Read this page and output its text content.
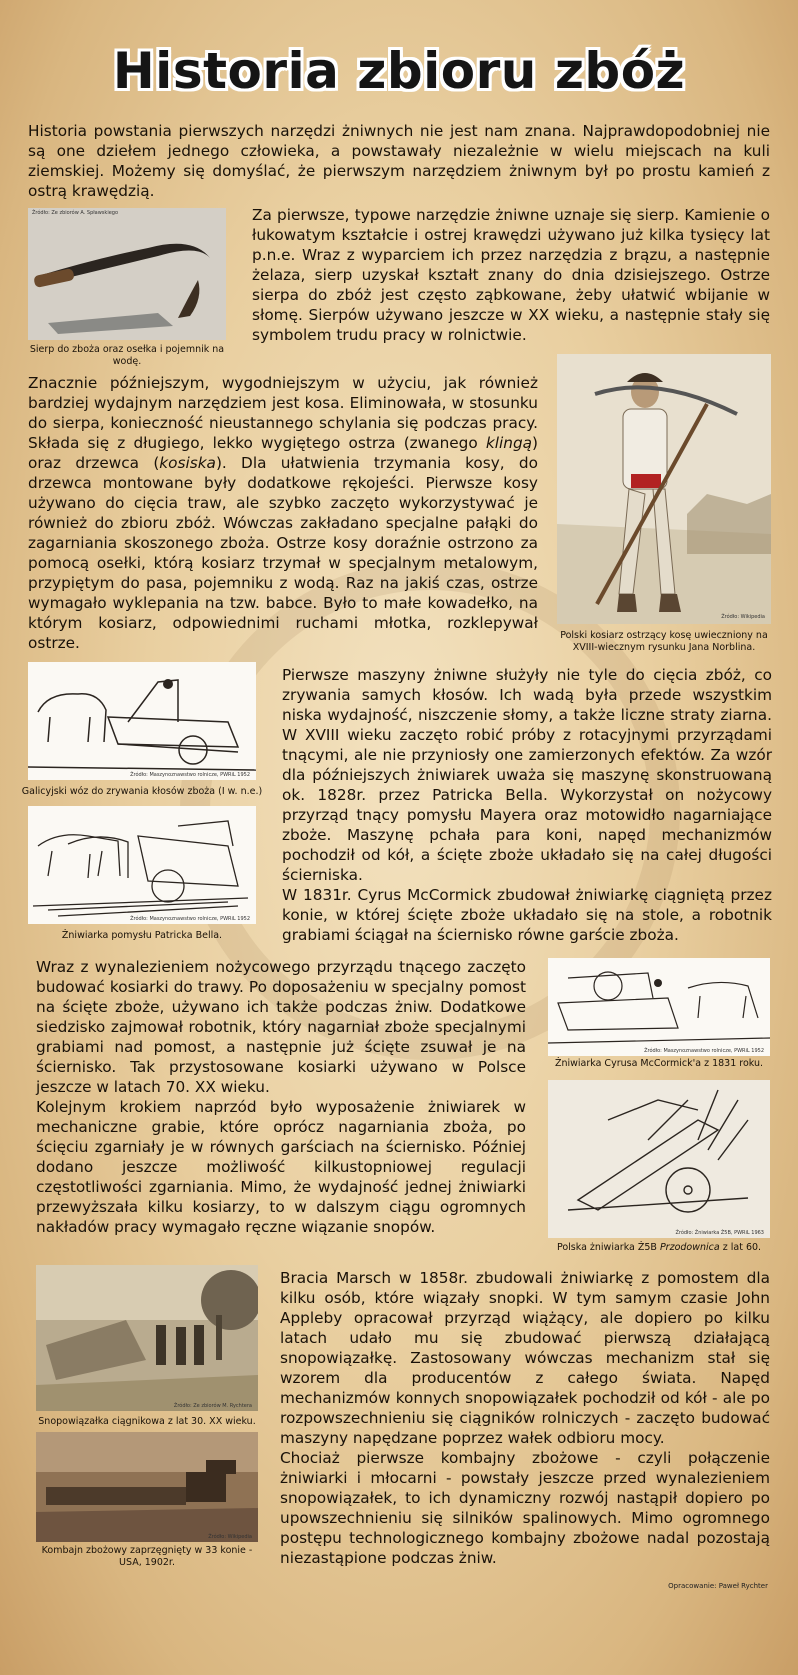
Historia zbioru zbóż

Historia powstania pierwszych narzędzi żniwnych nie jest nam znana. Najprawdopodobniej nie są one dziełem jednego człowieka, a powstawały niezależnie w wielu miejscach na kuli ziemskiej. Możemy się domyślać, że pierwszym narzędziem żniwnym był po prostu kamień z ostrą krawędzią.

Źródło: Ze zbiorów A. Spławskiego
Sierp do zboża oraz osełka i pojemnik na wodę.

Za pierwsze, typowe narzędzie żniwne uznaje się sierp. Kamienie o łukowatym kształcie i ostrej krawędzi używano już kilka tysięcy lat p.n.e. Wraz z wyparciem ich przez narzędzia z brązu, a następnie żelaza, sierp uzyskał kształt znany do dnia dzisiejszego. Ostrze sierpa do zbóż jest często ząbkowane, żeby ułatwić wbijanie w słomę. Sierpów używano jeszcze w XX wieku, a następnie stały się symbolem trudu pracy w rolnictwie.

Znacznie późniejszym, wygodniejszym w użyciu, jak również bardziej wydajnym narzędziem jest kosa. Eliminowała, w stosunku do sierpa, konieczność nieustannego schylania się podczas pracy. Składa się z długiego, lekko wygiętego ostrza (zwanego klingą) oraz drzewca (kosiska). Dla ułatwienia trzymania kosy, do drzewca montowane były dodatkowe rękojeści. Pierwsze kosy używano do cięcia traw, ale szybko zaczęto wykorzystywać je również do zbioru zbóż. Wówczas zakładano specjalne pałąki do zagarniania skoszonego zboża. Ostrze kosy doraźnie ostrzono za pomocą osełki, którą kosiarz trzymał w specjalnym metalowym, przypiętym do pasa, pojemniku z wodą. Raz na jakiś czas, ostrze wymagało wyklepania na tzw. babce. Było to małe kowadełko, na którym kosiarz, odpowiednimi ruchami młotka, rozklepywał ostrze.

Źródło: Wikipedia
Polski kosiarz ostrzący kosę uwieczniony na XVIII-wiecznym rysunku Jana Norblina.
Źródło: Maszynoznawstwo rolnicze, PWRiL 1952
Galicyjski wóz do zrywania kłosów zboża (I w. n.e.)
Źródło: Maszynoznawstwo rolnicze, PWRiL 1952
Żniwiarka pomysłu Patricka Bella.

Pierwsze maszyny żniwne służyły nie tyle do cięcia zbóż, co zrywania samych kłosów. Ich wadą była przede wszystkim niska wydajność, niszczenie słomy, a także liczne straty ziarna. W XVIII wieku zaczęto robić próby z rotacyjnymi przyrządami tnącymi, ale nie przyniosły one zamierzonych efektów. Za wzór dla późniejszych żniwiarek uważa się maszynę skonstruowaną ok. 1828r. przez Patricka Bella. Wykorzystał on nożycowy przyrząd tnący pomysłu Mayera oraz motowidło nagarniające zboże. Maszynę pchała para koni, napęd mechanizmów pochodził od kół, a ścięte zboże układało się na całej długości ścierniska.

W 1831r. Cyrus McCormick zbudował żniwiarkę ciągniętą przez konie, w której ścięte zboże układało się na stole, a robotnik grabiami ściągał na ściernisko równe garście zboża.

Wraz z wynalezieniem nożycowego przyrządu tnącego zaczęto budować kosiarki do trawy. Po doposażeniu w specjalny pomost na ścięte zboże, używano ich także podczas żniw. Dodatkowe siedzisko zajmował robotnik, który nagarniał zboże specjalnymi grabiami nad pomost, a następnie już ścięte zsuwał je na ściernisko. Tak przystosowane kosiarki używano w Polsce jeszcze w latach 70. XX wieku.

Kolejnym krokiem naprzód było wyposażenie żniwiarek w mechaniczne grabie, które oprócz nagarniania zboża, po ścięciu zgarniały je w równych garściach na ściernisko. Później dodano jeszcze możliwość kilkustopniowej regulacji częstotliwości zgarniania. Mimo, że wydajność jednej żniwiarki przewyższała kilku kosiarzy, to w dalszym ciągu ogromnych nakładów pracy wymagało ręczne wiązanie snopów.

Źródło: Maszynoznawstwo rolnicze, PWRiL 1952
Żniwiarka Cyrusa McCormick'a z 1831 roku.
Źródło: Żniwiarka Ż5B, PWRiL 1963
Polska żniwiarka Ż5B Przodownica z lat 60.
Źródło: Ze zbiorów M. Rychtera
Snopowiązałka ciągnikowa z lat 30. XX wieku.
Źródło: Wikipedia
Kombajn zbożowy zaprzęgnięty w 33 konie - USA, 1902r.

Bracia Marsch w 1858r. zbudowali żniwiarkę z pomostem dla kilku osób, które wiązały snopki. W tym samym czasie John Appleby opracował przyrząd wiążący, ale dopiero po kilku latach udało mu się zbudować pierwszą działającą snopowiązałkę. Zastosowany wówczas mechanizm stał się wzorem dla producentów z całego świata. Napęd mechanizmów konnych snopowiązałek pochodził od kół - ale po rozpowszechnieniu się ciągników rolniczych - zaczęto budować maszyny napędzane poprzez wałek odbioru mocy.

Chociaż pierwsze kombajny zbożowe - czyli połączenie żniwiarki i młocarni - powstały jeszcze przed wynalezieniem snopowiązałek, to ich dynamiczny rozwój nastąpił dopiero po upowszechnieniu się silników spalinowych. Mimo ogromnego postępu technologicznego kombajny zbożowe nadal pozostają niezastąpione podczas żniw.

Opracowanie: Paweł Rychter
